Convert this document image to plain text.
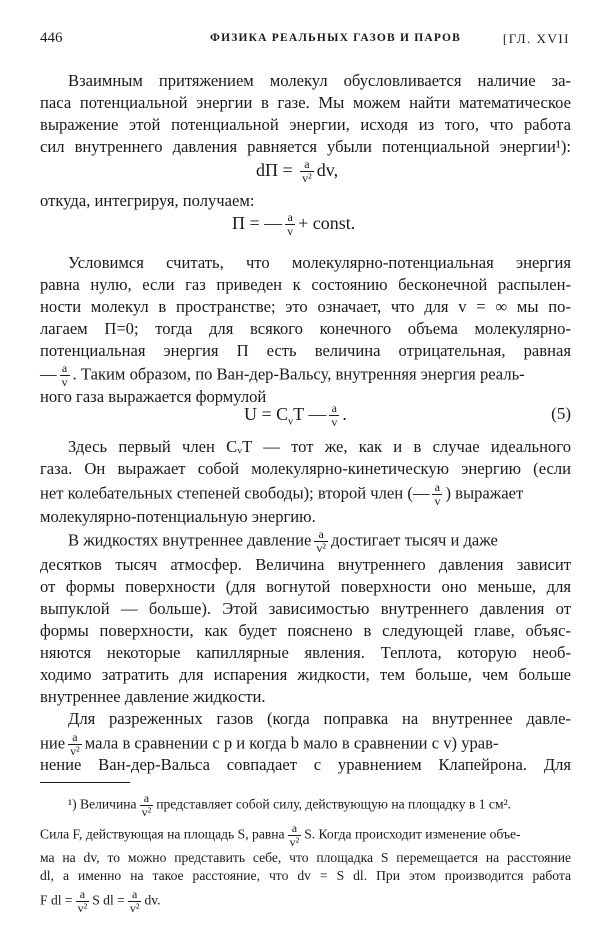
446	ФИЗИКА РЕАЛЬНЫХ ГАЗОВ И ПАРОВ	[ГЛ. XVII
Взаимным притяжением молекул обусловливается наличие за-
паса потенциальной энергии в газе. Мы можем найти математическое
выражение этой потенциальной энергии, исходя из того, что работа
сил внутреннего давления равняется убыли потенциальной энергии¹):
dП = $\frac{a}{\text{v²}}$ dv,
откуда, интегрируя, получаем:
П = — $\frac{a}{v}$ + const.
Условимся считать, что молекулярно-потенциальная энергия
равна нулю, если газ приведен к состоянию бесконечной распылен-
ности молекул в пространстве; это означает, что для v = ∞ мы по-
лагаем П=0; тогда для всякого конечного объема молекулярно-
потенциальная энергия П есть величина отрицательная, равная
— $\frac{a}{v}$ . Таким образом, по Ван-дер-Вальсу, внутренняя энергия реаль-
ного газа выражается формулой
$U = C_vT$ — $\frac{a}{v}$ .	(5)
Здесь первый член CᵥT — тот же, как и в случае идеального
газа. Он выражает собой молекулярно-кинетическую энергию (если
нет колебательных степеней свободы); второй член (— $\frac{a}{v}$ ) выражает
молекулярно-потенциальную энергию.
В жидкостях внутреннее давление $\frac{a}{\text{v²}}$ достигает тысяч и даже
десятков тысяч атмосфер. Величина внутреннего давления зависит
от формы поверхности (для вогнутой поверхности оно меньше, для
выпуклой — больше). Этой зависимостью внутреннего давления от
формы поверхности, как будет пояснено в следующей главе, объяс-
няются некоторые капиллярные явления. Теплота, которую необ-
ходимо затратить для испарения жидкости, тем больше, чем больше
внутреннее давление жидкости.
Для разреженных газов (когда поправка на внутреннее давле-
ние $\frac{a}{\text{v²}}$ мала в сравнении с p и когда b мало в сравнении с v) урав-
нение Ван-дер-Вальса совпадает с уравнением Клапейрона. Для
¹) Величина $\frac{a}{\text{v²}}$ представляет собой силу, действующую на площадку в 1 см².
Сила F, действующая на площадь S, равна $\frac{a}{\text{v²}} S$. Когда происходит изменение объе-
ма на dv, то можно представить себе, что площадка S перемещается на расстояние
dl, а именно на такое расстояние, что dv = S dl. При этом производится работа
F dl = $\frac{a}{\text{v²}}$ S dl = $\frac{a}{\text{v²}}$ dv.
